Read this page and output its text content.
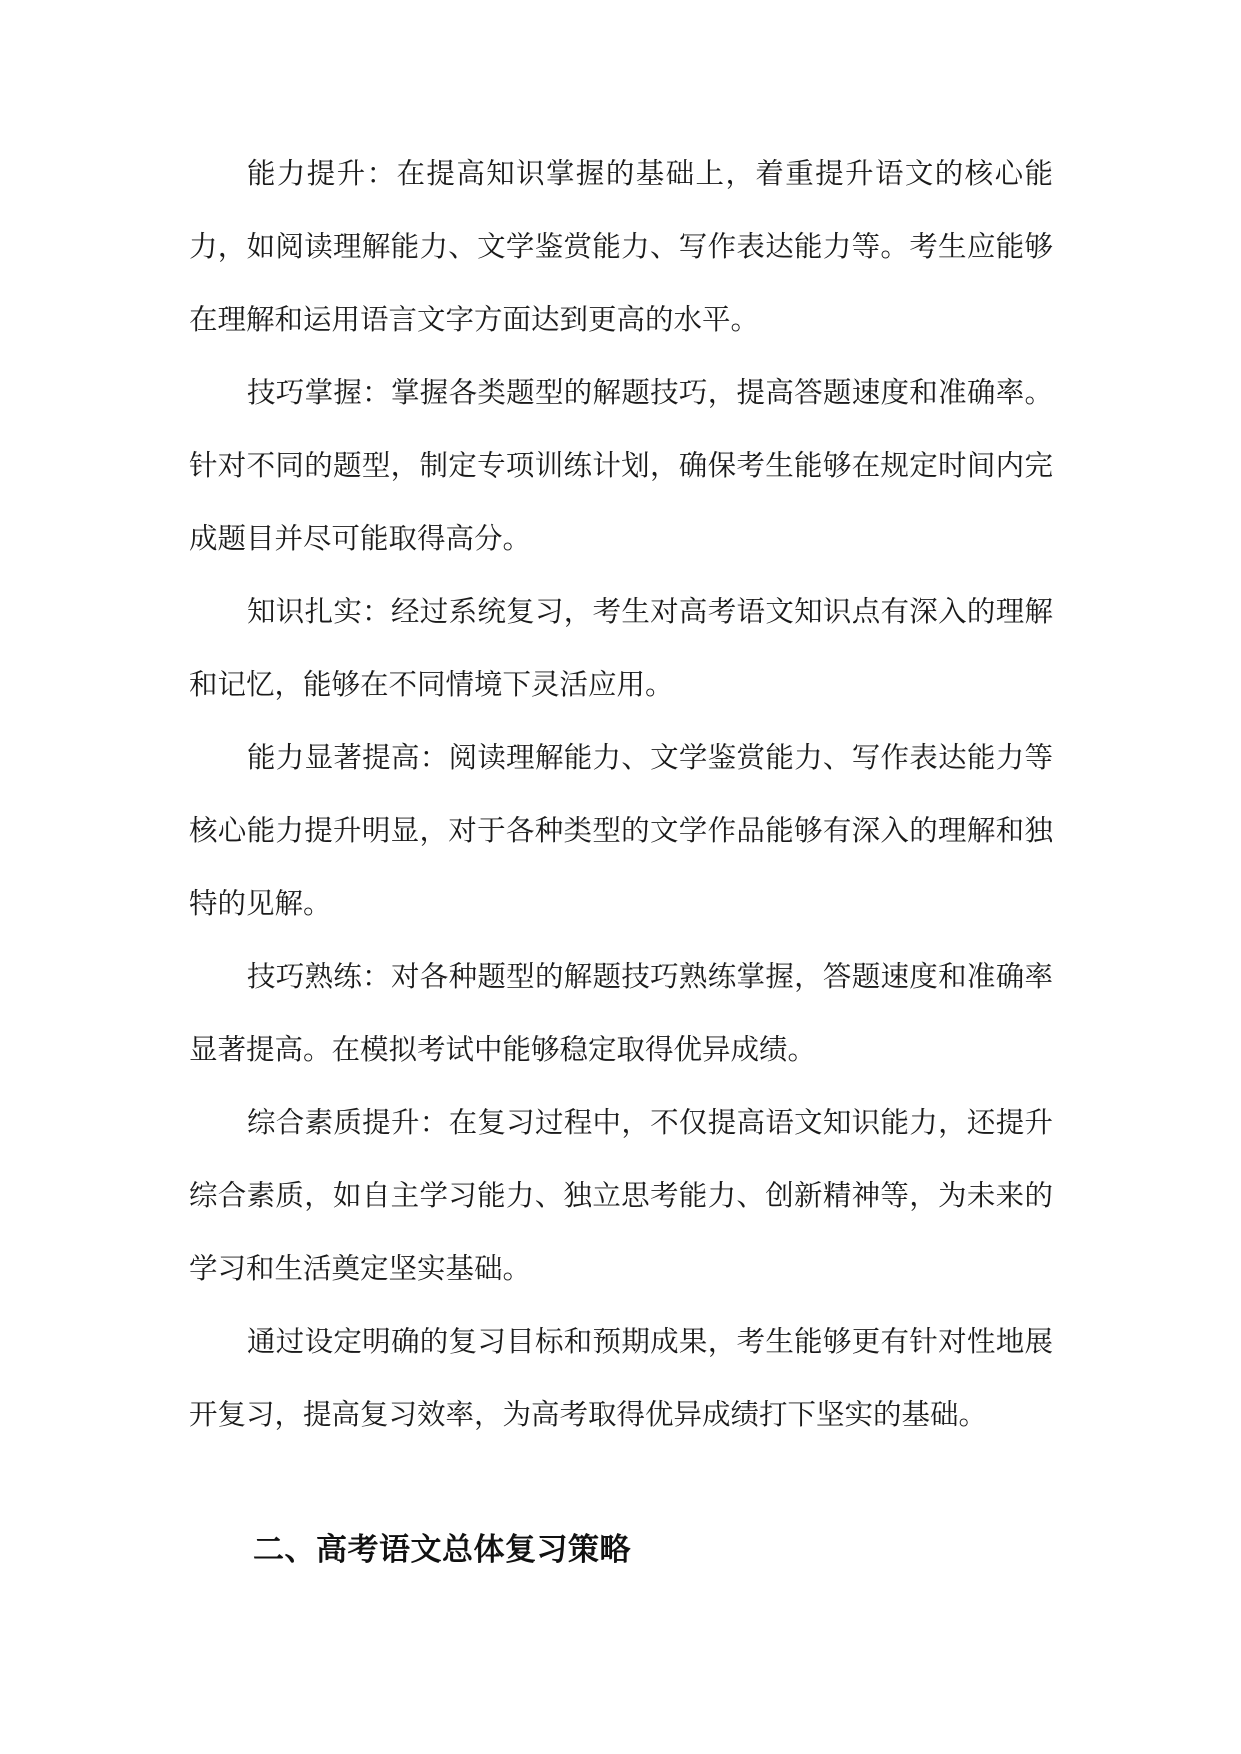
能力提升：在提高知识掌握的基础上，着重提升语文的核心能力，如阅读理解能力、文学鉴赏能力、写作表达能力等。考生应能够在理解和运用语言文字方面达到更高的水平。

技巧掌握：掌握各类题型的解题技巧，提高答题速度和准确率。针对不同的题型，制定专项训练计划，确保考生能够在规定时间内完成题目并尽可能取得高分。

知识扎实：经过系统复习，考生对高考语文知识点有深入的理解和记忆，能够在不同情境下灵活应用。

能力显著提高：阅读理解能力、文学鉴赏能力、写作表达能力等核心能力提升明显，对于各种类型的文学作品能够有深入的理解和独特的见解。

技巧熟练：对各种题型的解题技巧熟练掌握，答题速度和准确率显著提高。在模拟考试中能够稳定取得优异成绩。

综合素质提升：在复习过程中，不仅提高语文知识能力，还提升综合素质，如自主学习能力、独立思考能力、创新精神等，为未来的学习和生活奠定坚实基础。

通过设定明确的复习目标和预期成果，考生能够更有针对性地展开复习，提高复习效率，为高考取得优异成绩打下坚实的基础。

二、高考语文总体复习策略
